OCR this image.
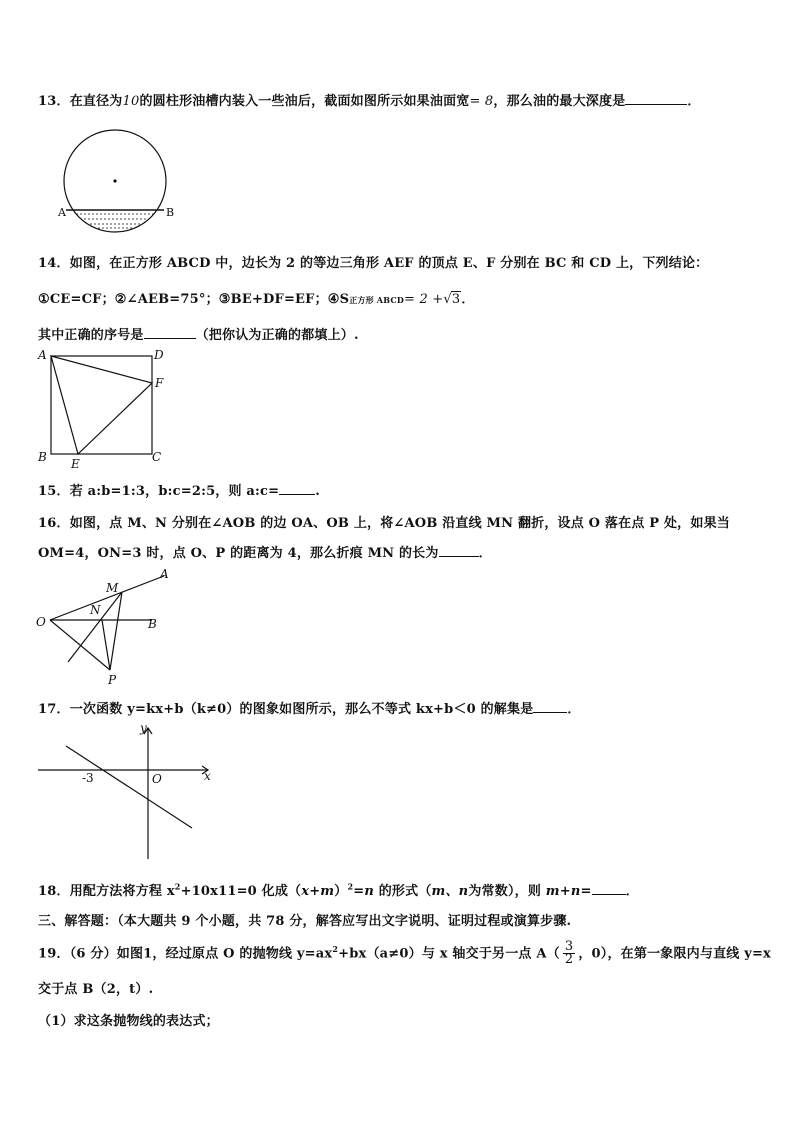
13．在直径为10的圆柱形油槽内装入一些油后，截面如图所示如果油面宽= 8，那么油的最大深度是	．
A	B
14．如图，在正方形 ABCD 中，边长为 2 的等边三角形 AEF 的顶点 E、F 分别在 BC 和 CD 上，下列结论：
①CE=CF；②∠AEB=75°；③BE+DF=EF；④S正方形 ABCD= 2 +√3．
其中正确的序号是	（把你认为正确的都填上）.
A	D
F
B E	C
15．若 a:b=1:3，b:c=2:5，则 a:c=	.
16．如图，点 M、N 分别在∠AOB 的边 OA、OB 上，将∠AOB 沿直线 MN 翻折，设点 O 落在点 P 处，如果当
OM=4，ON=3 时，点 O、P 的距离为 4，那么折痕 MN 的长为	．
O
M
N
A
B
P
17．一次函数 y=kx+b（k≠0）的图象如图所示，那么不等式 kx+b＜0 的解集是	．
y
x
O
-3
18．用配方法将方程 $x^2+10x11=0$ 化成$(x+m)^2=n$ 的形式（m、n为常数），则 m+n=	．
三、解答题：（本大题共 9 个小题，共 78 分，解答应写出文字说明、证明过程或演算步骤.
19．（6 分）如图1，经过原点 O 的抛物线 $y=ax^2+bx(a\ne 0)$与 x 轴交于另一点 $A( \frac{3}{2}$ ，0），在第一象限内与直线 y=x
交于点 B（2，t）.
（1）求这条抛物线的表达式；
